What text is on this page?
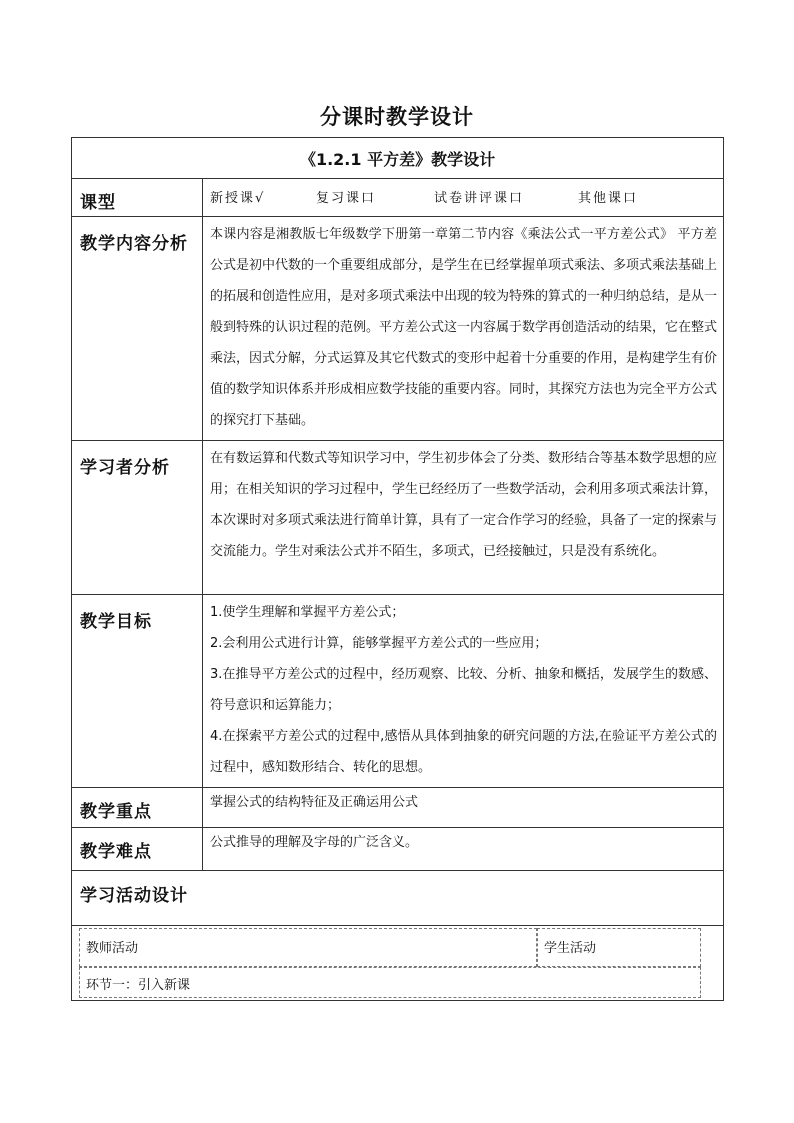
分课时教学设计
《1.2.1 平方差》教学设计	
课型	新授课√ 复习课口 试卷讲评课口 其他课口
教学内容分析	本课内容是湘教版七年级数学下册第一章第二节内容《乘法公式一平方差公式》 平方差公式是初中代数的一个重要组成部分，是学生在已经掌握单项式乘法、多项式乘法基础上的拓展和创造性应用，是对多项式乘法中出现的较为特殊的算式的一种归纳总结，是从一般到特殊的认识过程的范例。平方差公式这一内容属于数学再创造活动的结果，它在整式乘法，因式分解，分式运算及其它代数式的变形中起着十分重要的作用，是构建学生有价值的数学知识体系并形成相应数学技能的重要内容。同时，其探究方法也为完全平方公式的探究打下基础。
学习者分析	在有数运算和代数式等知识学习中，学生初步体会了分类、数形结合等基本数学思想的应用；在相关知识的学习过程中，学生已经经历了一些数学活动，会利用多项式乘法计算，本次课时对多项式乘法进行简单计算，具有了一定合作学习的经验，具备了一定的探索与交流能力。学生对乘法公式并不陌生，多项式，已经接触过，只是没有系统化。
教学目标	1.使学生理解和掌握平方差公式；

2.会利用公式进行计算，能够掌握平方差公式的一些应用；

3.在推导平方差公式的过程中，经历观察、比较、分析、抽象和概括，发展学生的数感、符号意识和运算能力；

4.在探索平方差公式的过程中,感悟从具体到抽象的研究问题的方法,在验证平方差公式的过程中，感知数形结合、转化的思想。

教学重点	掌握公式的结构特征及正确运用公式
教学难点	公式推导的理解及字母的广泛含义。
学习活动设计	

教师活动 学生活动
环节一：引入新课	
